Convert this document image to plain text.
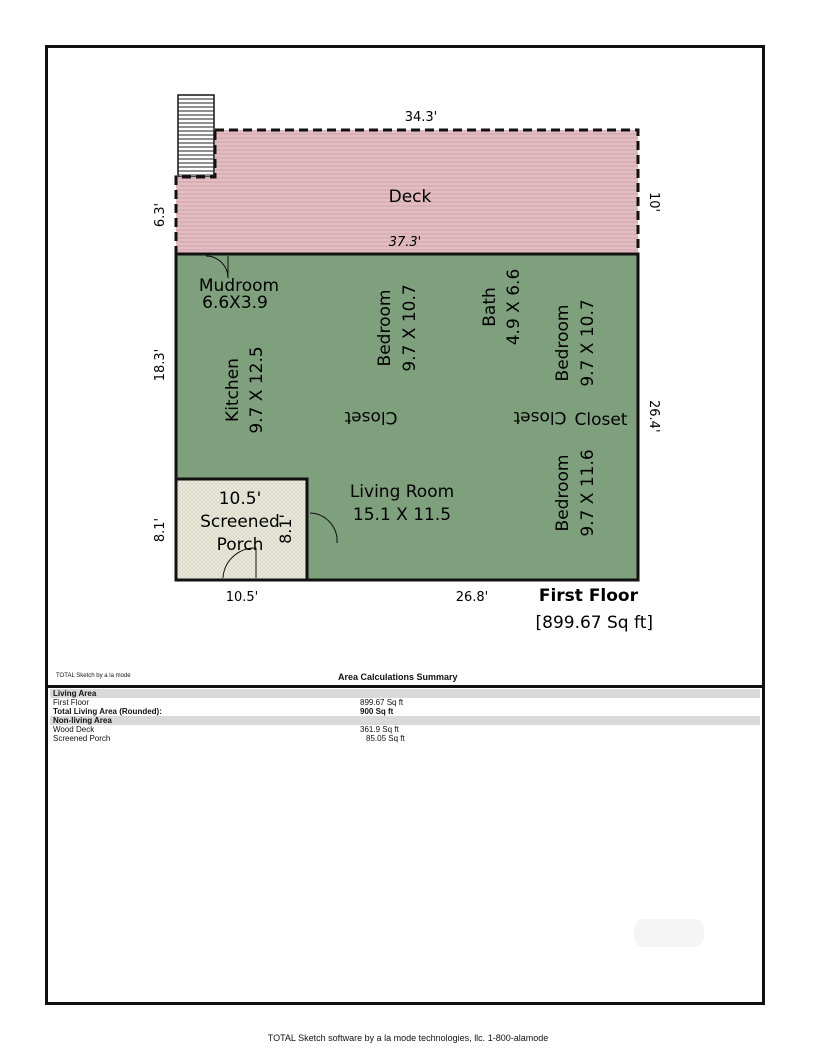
Deck
34.3'
10'
6.3'
37.3'
18.3'
26.4'
8.1'
10.5'	26.8'
Mudroom
6.6X3.9
Kitchen 9.7 X 12.5
Bedroom 9.7 X 10.7	Bath 4.9 X 6.6 Bedroom 9.7 X 10.7
Closet	Closet Closet
Living Room
15.1 X 11.5	Bedroom 9.7 X 11.6
10.5'
Screened
Porch
8.1'
First Floor
[899.67 Sq ft]
TOTAL Sketch by a la mode	Area Calculations Summary
Living Area
First Floor	899.67 Sq ft
Total Living Area (Rounded):	900 Sq ft
Non-living Area
Wood Deck	361.9 Sq ft
Screened Porch	85.05 Sq ft
TOTAL Sketch software by a la mode technologies, llc. 1-800-alamode
